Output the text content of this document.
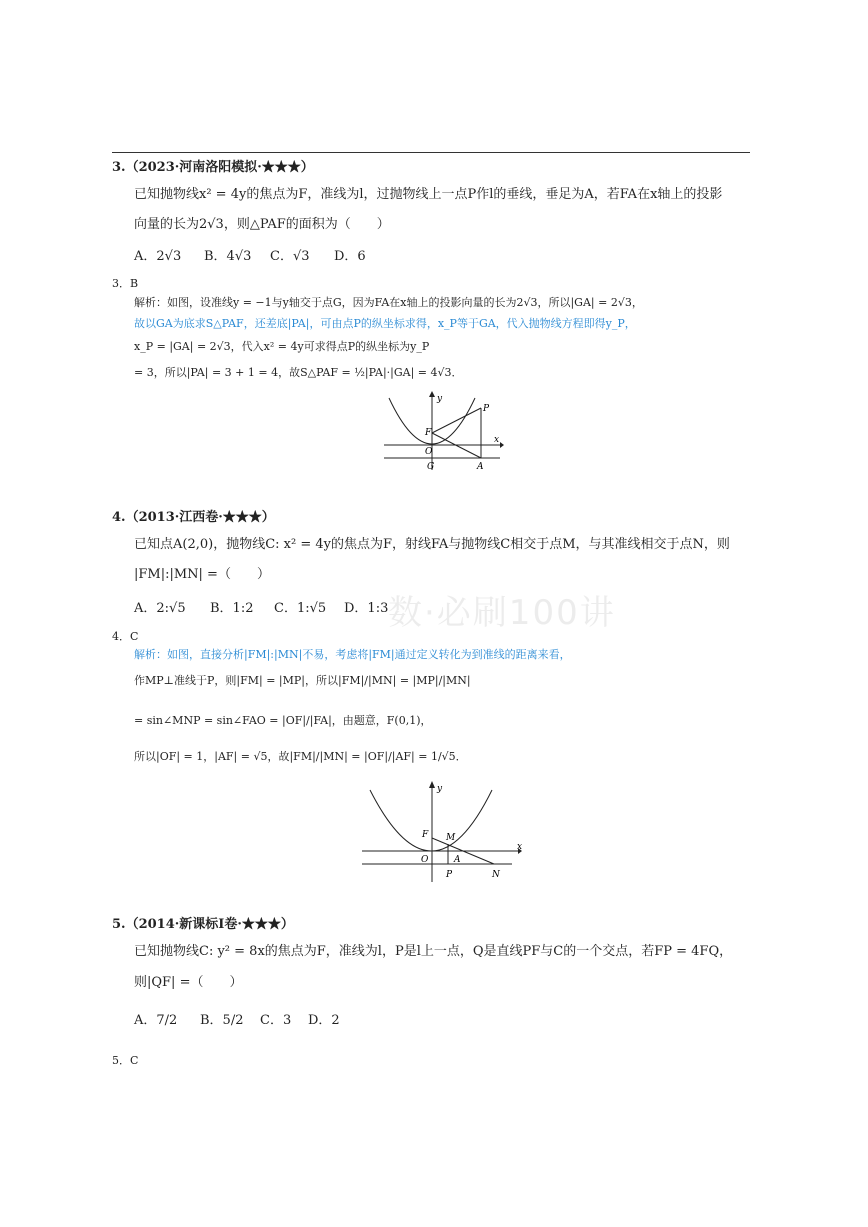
数·必刷100讲
3.（2023·河南洛阳模拟·★★★）
已知抛物线x² = 4y的焦点为F，准线为l，过抛物线上一点P作l的垂线，垂足为A，若FA在x轴上的投影
向量的长为2√3，则△PAF的面积为（　　）
A．2√3 B．4√3 C．√3 D．6
3．B
解析：如图，设准线y = −1与y轴交于点G，因为FA在x轴上的投影向量的长为2√3，所以|GA| = 2√3，
故以GA为底求S△PAF，还差底|PA|，可由点P的纵坐标求得，x_P等于GA，代入抛物线方程即得y_P，
x_P = |GA| = 2√3，代入x² = 4y可求得点P的纵坐标为y_P
= 3，所以|PA| = 3 + 1 = 4，故S△PAF = ½|PA|·|GA| = 4√3．
y
P
F
O
x
G	A
4.（2013·江西卷·★★★）
已知点A(2,0)，抛物线C: x² = 4y的焦点为F，射线FA与抛物线C相交于点M，与其准线相交于点N，则
|FM|:|MN| =（　　）
A．2:√5 B．1:2 C．1:√5 D．1:3
4．C
解析：如图，直接分析|FM|:|MN|不易，考虑将|FM|通过定义转化为到准线的距离来看，
作MP⊥准线于P，则|FM| = |MP|，所以|FM|/|MN| = |MP|/|MN|
= sin∠MNP = sin∠FAO = |OF|/|FA|，由题意，F(0,1)，
所以|OF| = 1，|AF| = √5，故|FM|/|MN| = |OF|/|AF| = 1/√5．
y
F M
O	A
x
P	N
5.（2014·新课标Ⅰ卷·★★★）
已知抛物线C: y² = 8x的焦点为F，准线为l，P是l上一点，Q是直线PF与C的一个交点，若FP = 4FQ，
则|QF| =（　　）
A．7/2 B．5/2 C．3 D．2
5．C
